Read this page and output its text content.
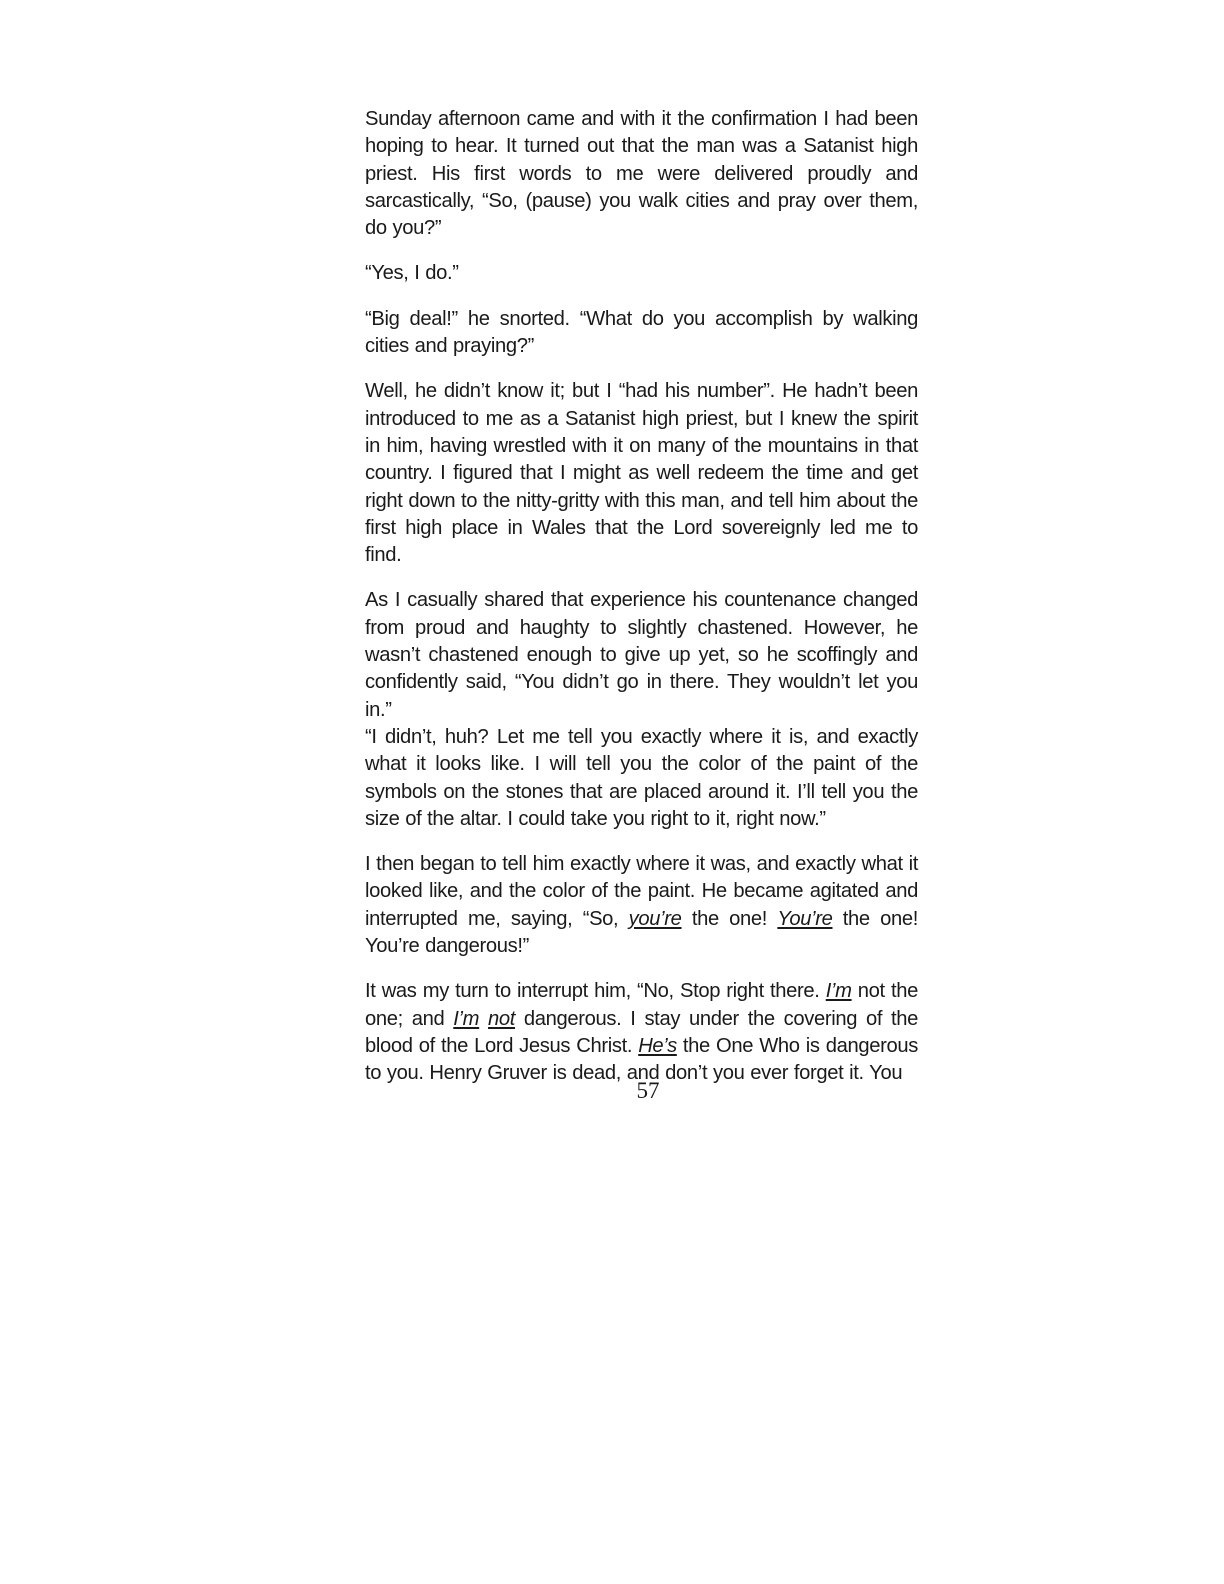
Sunday afternoon came and with it the confirmation I had been hoping to hear. It turned out that the man was a Satanist high priest. His first words to me were delivered proudly and sarcastically, “So, (pause) you walk cities and pray over them, do you?”

“Yes, I do.”

“Big deal!” he snorted. “What do you accomplish by walking cities and praying?”

Well, he didn’t know it; but I “had his number”. He hadn’t been introduced to me as a Satanist high priest, but I knew the spirit in him, having wrestled with it on many of the mountains in that country. I figured that I might as well redeem the time and get right down to the nitty-gritty with this man, and tell him about the first high place in Wales that the Lord sovereignly led me to find.

As I casually shared that experience his countenance changed from proud and haughty to slightly chastened. However, he wasn’t chastened enough to give up yet, so he scoffingly and confidently said, “You didn’t go in there. They wouldn’t let you in.”

“I didn’t, huh? Let me tell you exactly where it is, and exactly what it looks like. I will tell you the color of the paint of the symbols on the stones that are placed around it. I’ll tell you the size of the altar. I could take you right to it, right now.”

I then began to tell him exactly where it was, and exactly what it looked like, and the color of the paint. He became agitated and interrupted me, saying, “So, you’re the one! You’re the one! You’re dangerous!”

It was my turn to interrupt him, “No, Stop right there. I’m not the one; and I’m not dangerous. I stay under the covering of the blood of the Lord Jesus Christ. He’s the One Who is dangerous to you. Henry Gruver is dead, and don’t you ever forget it. You

57
